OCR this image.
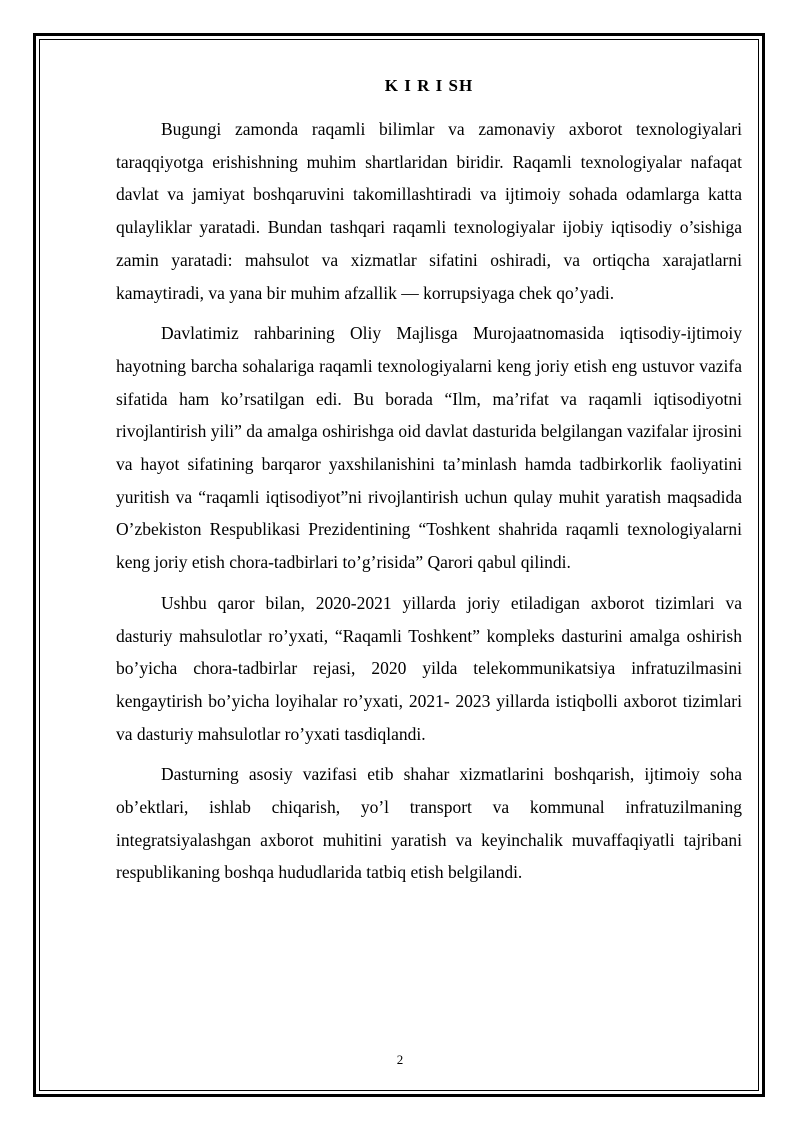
K I R I SH

Bugungi zamonda raqamli bilimlar va zamonaviy axborot texnologiyalari taraqqiyotga erishishning muhim shartlaridan biridir. Raqamli texnologiyalar nafaqat davlat va jamiyat boshqaruvini takomillashtiradi va ijtimoiy sohada odamlarga katta qulayliklar yaratadi. Bundan tashqari raqamli texnologiyalar ijobiy iqtisodiy o’sishiga zamin yaratadi: mahsulot va xizmatlar sifatini oshiradi, va ortiqcha xarajatlarni kamaytiradi, va yana bir muhim afzallik — korrupsiyaga chek qo’yadi.

Davlatimiz rahbarining Oliy Majlisga Murojaatnomasida iqtisodiy-ijtimoiy hayotning barcha sohalariga raqamli texnologiyalarni keng joriy etish eng ustuvor vazifa sifatida ham ko’rsatilgan edi. Bu borada “Ilm, ma’rifat va raqamli iqtisodiyotni rivojlantirish yili” da amalga oshirishga oid davlat dasturida belgilangan vazifalar ijrosini va hayot sifatining barqaror yaxshilanishini ta’minlash hamda tadbirkorlik faoliyatini yuritish va “raqamli iqtisodiyot”ni rivojlantirish uchun qulay muhit yaratish maqsadida O’zbekiston Respublikasi Prezidentining “Toshkent shahrida raqamli texnologiyalarni keng joriy etish chora-tadbirlari to’g’risida” Qarori qabul qilindi.

Ushbu qaror bilan, 2020-2021 yillarda joriy etiladigan axborot tizimlari va dasturiy mahsulotlar ro’yxati, “Raqamli Toshkent” kompleks dasturini amalga oshirish bo’yicha chora-tadbirlar rejasi, 2020 yilda telekommunikatsiya infratuzilmasini kengaytirish bo’yicha loyihalar ro’yxati, 2021- 2023 yillarda istiqbolli axborot tizimlari va dasturiy mahsulotlar ro’yxati tasdiqlandi.

Dasturning asosiy vazifasi etib shahar xizmatlarini boshqarish, ijtimoiy soha ob’ektlari, ishlab chiqarish, yo’l transport va kommunal infratuzilmaning integratsiyalashgan axborot muhitini yaratish va keyinchalik muvaffaqiyatli tajribani respublikaning boshqa hududlarida tatbiq etish belgilandi.

2
